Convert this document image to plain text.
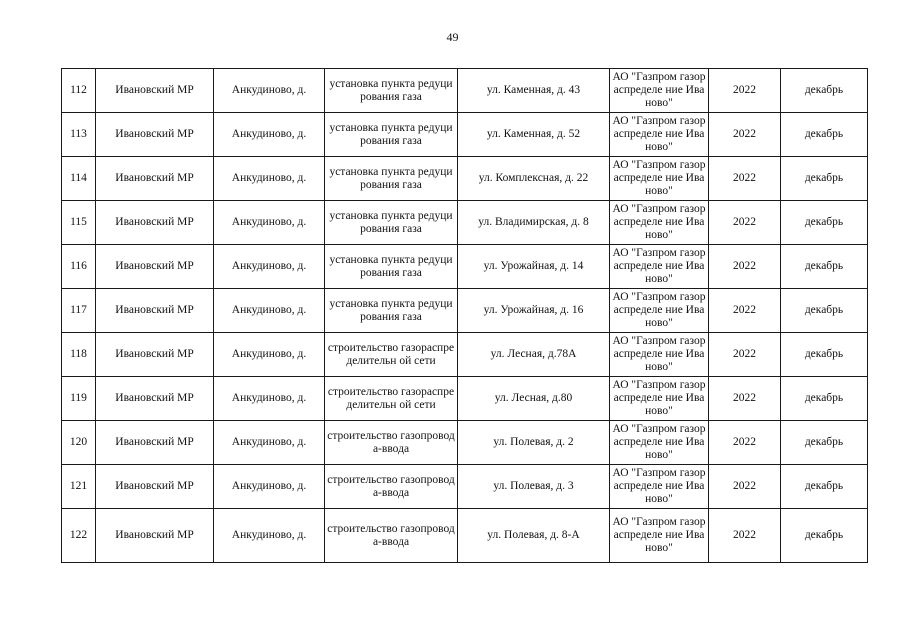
49
112	Ивановский МР	Анкудиново, д.	установка пункта редуцирования газа	ул. Каменная, д. 43	АО "Газпром газораспределе ние Иваново"	2022	декабрь
113	Ивановский МР	Анкудиново, д.	установка пункта редуцирования газа	ул. Каменная, д. 52	АО "Газпром газораспределе ние Иваново"	2022	декабрь
114	Ивановский МР	Анкудиново, д.	установка пункта редуцирования газа	ул. Комплексная, д. 22	АО "Газпром газораспределе ние Иваново"	2022	декабрь
115	Ивановский МР	Анкудиново, д.	установка пункта редуцирования газа	ул. Владимирская, д. 8	АО "Газпром газораспределе ние Иваново"	2022	декабрь
116	Ивановский МР	Анкудиново, д.	установка пункта редуцирования газа	ул. Урожайная, д. 14	АО "Газпром газораспределе ние Иваново"	2022	декабрь
117	Ивановский МР	Анкудиново, д.	установка пункта редуцирования газа	ул. Урожайная, д. 16	АО "Газпром газораспределе ние Иваново"	2022	декабрь
118	Ивановский МР	Анкудиново, д.	строительство газораспределительн ой сети	ул. Лесная, д.78А	АО "Газпром газораспределе ние Иваново"	2022	декабрь
119	Ивановский МР	Анкудиново, д.	строительство газораспределительн ой сети	ул. Лесная, д.80	АО "Газпром газораспределе ние Иваново"	2022	декабрь
120	Ивановский МР	Анкудиново, д.	строительство газопровода-ввода	ул. Полевая, д. 2	АО "Газпром газораспределе ние Иваново"	2022	декабрь
121	Ивановский МР	Анкудиново, д.	строительство газопровода-ввода	ул. Полевая, д. 3	АО "Газпром газораспределе ние Иваново"	2022	декабрь
122	Ивановский МР	Анкудиново, д.	строительство газопровода-ввода	ул. Полевая, д. 8-А	АО "Газпром газораспределе ние Иваново"	2022	декабрь
